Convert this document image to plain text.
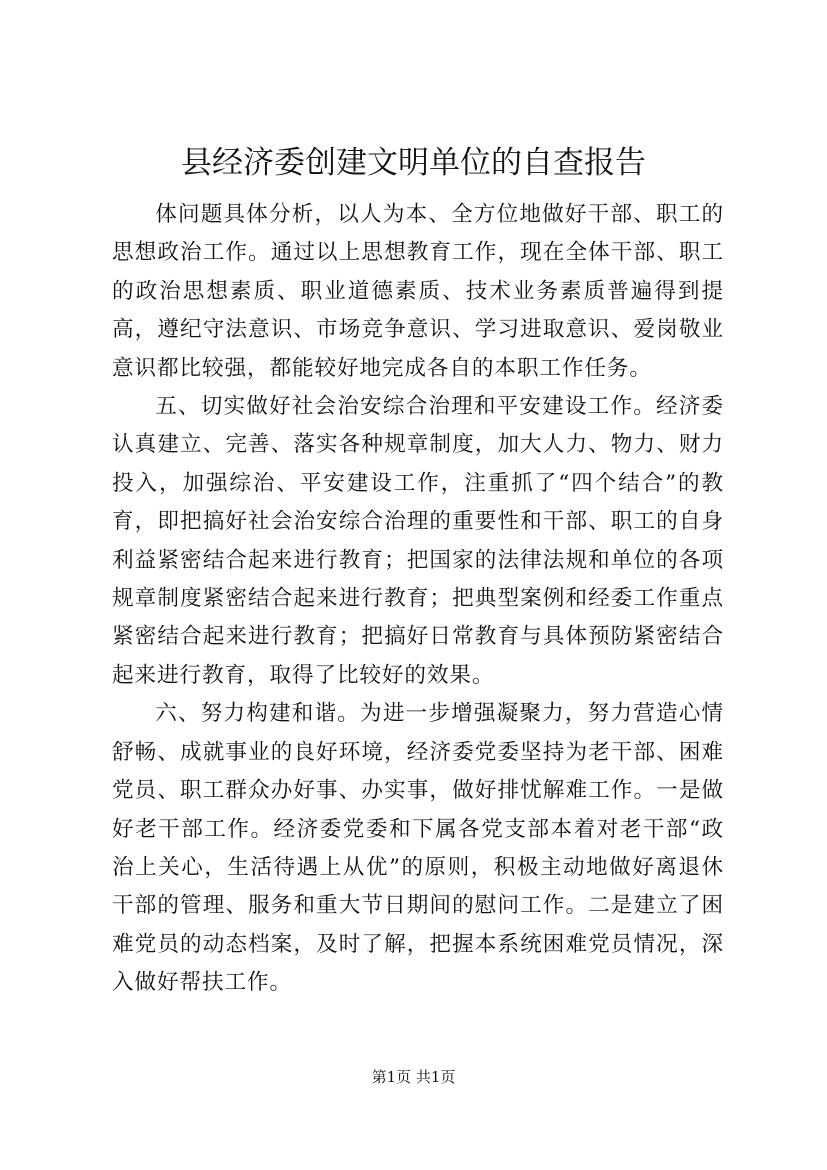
县经济委创建文明单位的自查报告

体问题具体分析，以人为本、全方位地做好干部、职工的思想政治工作。通过以上思想教育工作，现在全体干部、职工的政治思想素质、职业道德素质、技术业务素质普遍得到提高，遵纪守法意识、市场竞争意识、学习进取意识、爱岗敬业意识都比较强，都能较好地完成各自的本职工作任务。

五、切实做好社会治安综合治理和平安建设工作。经济委认真建立、完善、落实各种规章制度，加大人力、物力、财力投入，加强综治、平安建设工作，注重抓了“四个结合”的教育，即把搞好社会治安综合治理的重要性和干部、职工的自身利益紧密结合起来进行教育；把国家的法律法规和单位的各项规章制度紧密结合起来进行教育；把典型案例和经委工作重点紧密结合起来进行教育；把搞好日常教育与具体预防紧密结合起来进行教育，取得了比较好的效果。

六、努力构建和谐。为进一步增强凝聚力，努力营造心情舒畅、成就事业的良好环境，经济委党委坚持为老干部、困难党员、职工群众办好事、办实事，做好排忧解难工作。一是做好老干部工作。经济委党委和下属各党支部本着对老干部“政治上关心，生活待遇上从优”的原则，积极主动地做好离退休干部的管理、服务和重大节日期间的慰问工作。二是建立了困难党员的动态档案，及时了解，把握本系统困难党员情况，深入做好帮扶工作。

第1页 共1页
